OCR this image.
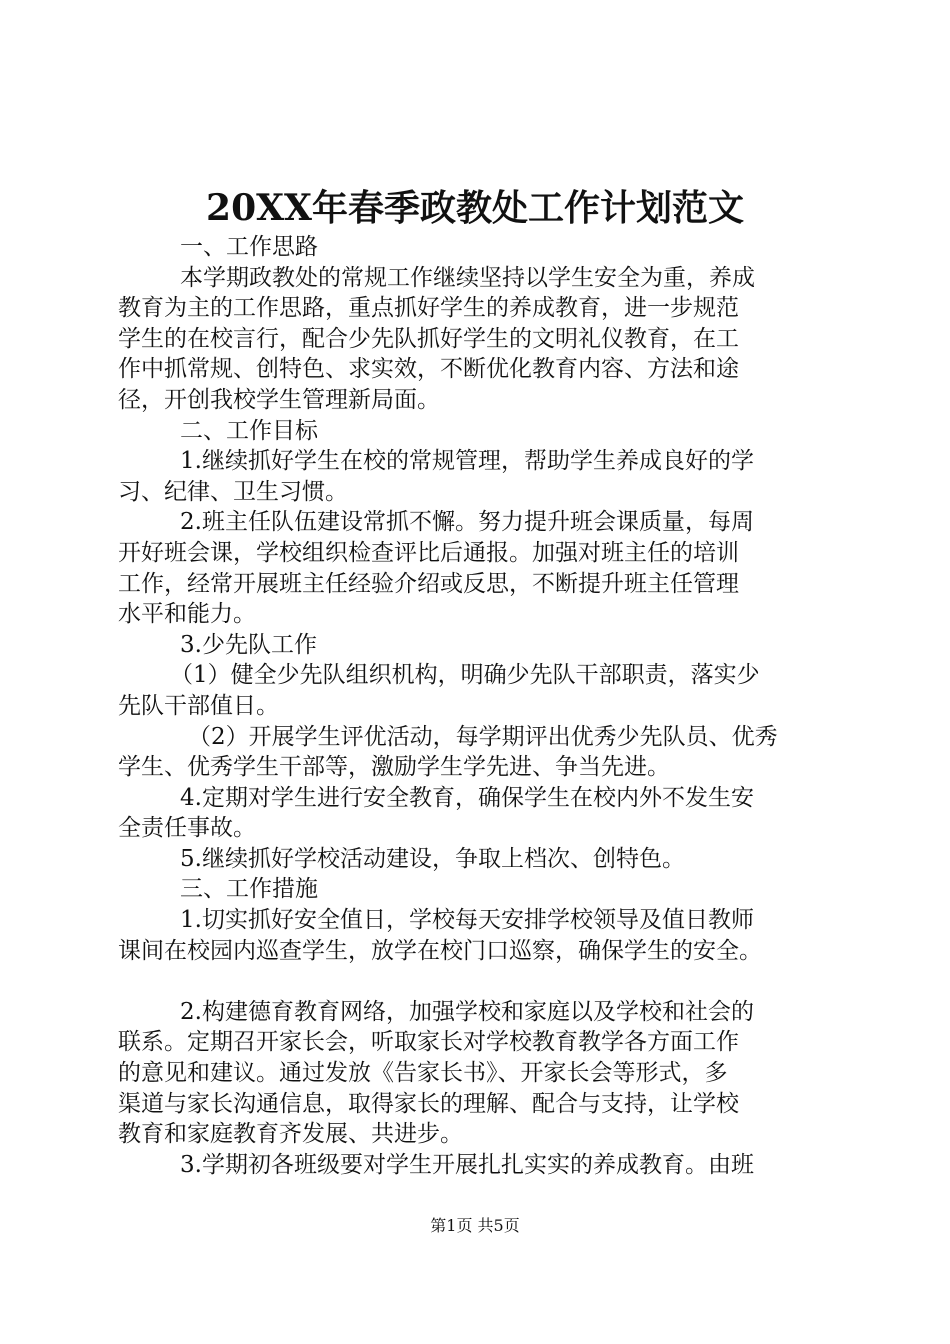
20XX年春季政教处工作计划范文
一、工作思路
本学期政教处的常规工作继续坚持以学生安全为重，养成
教育为主的工作思路，重点抓好学生的养成教育，进一步规范
学生的在校言行，配合少先队抓好学生的文明礼仪教育，在工
作中抓常规、创特色、求实效，不断优化教育内容、方法和途
径，开创我校学生管理新局面。
二、工作目标
1.继续抓好学生在校的常规管理，帮助学生养成良好的学
习、纪律、卫生习惯。
2.班主任队伍建设常抓不懈。努力提升班会课质量，每周
开好班会课，学校组织检查评比后通报。加强对班主任的培训
工作，经常开展班主任经验介绍或反思，不断提升班主任管理
水平和能力。
3.少先队工作
（1）健全少先队组织机构，明确少先队干部职责，落实少
先队干部值日。
（2）开展学生评优活动，每学期评出优秀少先队员、优秀
学生、优秀学生干部等，激励学生学先进、争当先进。
4.定期对学生进行安全教育，确保学生在校内外不发生安
全责任事故。
5.继续抓好学校活动建设，争取上档次、创特色。
三、工作措施
1.切实抓好安全值日，学校每天安排学校领导及值日教师
课间在校园内巡查学生，放学在校门口巡察，确保学生的安全。
2.构建德育教育网络，加强学校和家庭以及学校和社会的
联系。定期召开家长会，听取家长对学校教育教学各方面工作
的意见和建议。通过发放《告家长书》、开家长会等形式，多
渠道与家长沟通信息，取得家长的理解、配合与支持，让学校
教育和家庭教育齐发展、共进步。
3.学期初各班级要对学生开展扎扎实实的养成教育。由班
第1页 共5页
